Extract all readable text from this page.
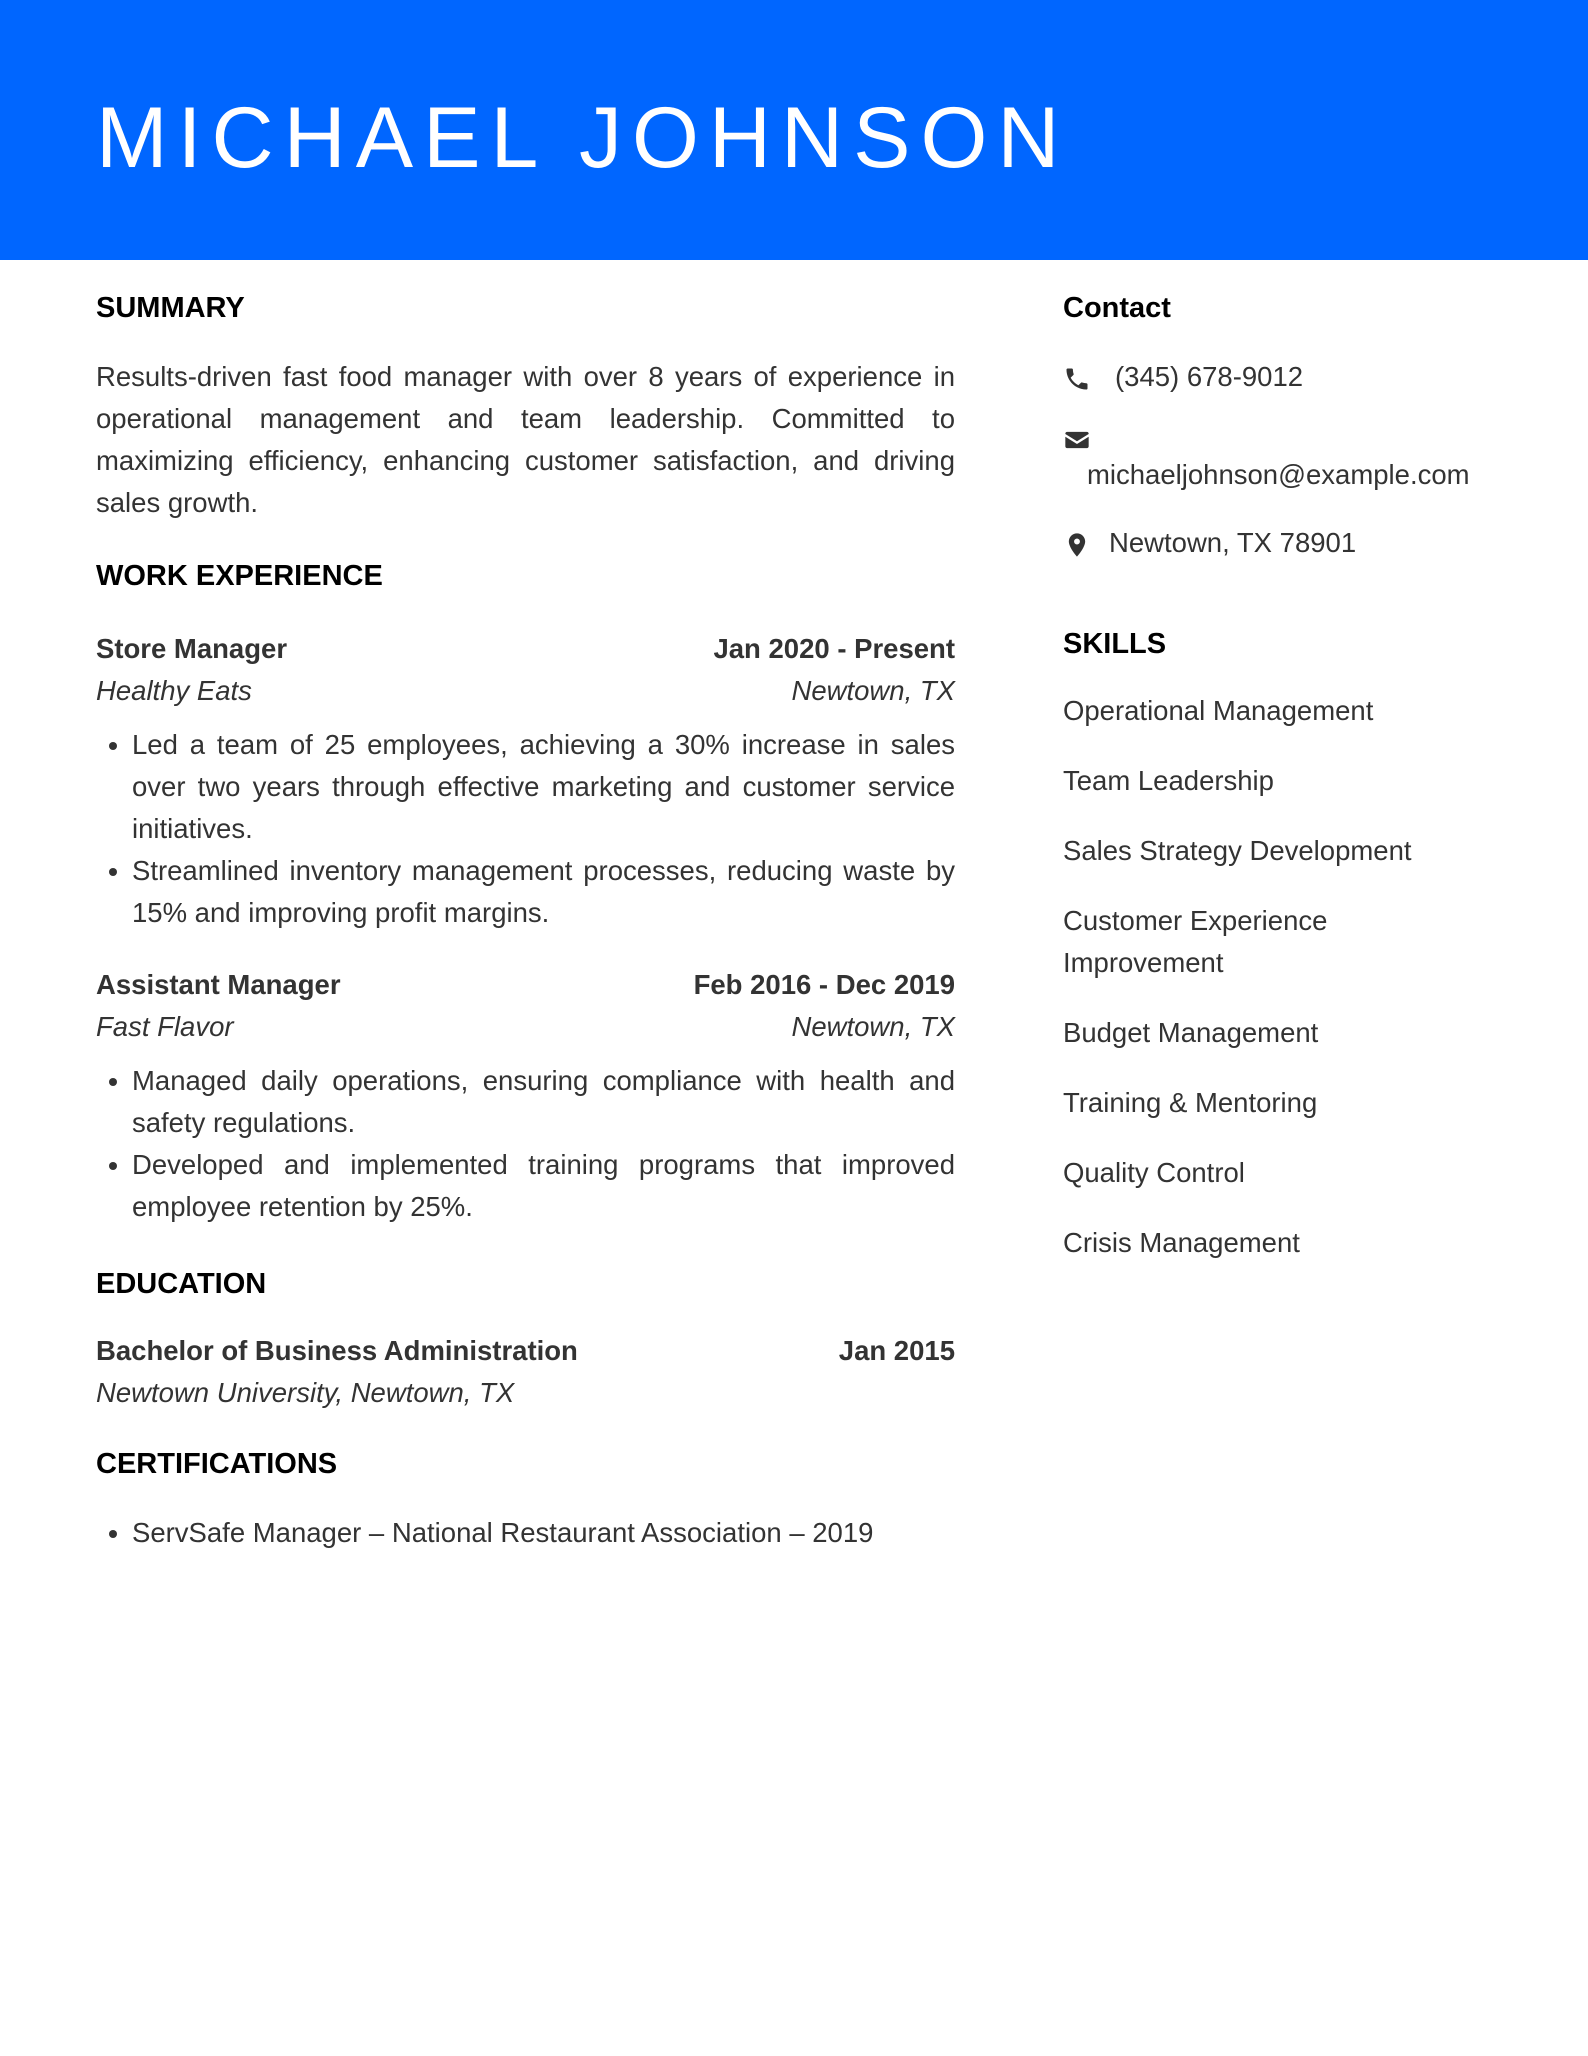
MICHAEL JOHNSON
SUMMARY

Results-driven fast food manager with over 8 years of experience in operational management and team leadership. Committed to maximizing efficiency, enhancing customer satisfaction, and driving sales growth.

WORK EXPERIENCE
Store Manager	Jan 2020 - Present
Healthy Eats	Newtown, TX
• Led a team of 25 employees, achieving a 30% increase in sales over two years through effective marketing and customer service initiatives.
• Streamlined inventory management processes, reducing waste by 15% and improving profit margins.
Assistant Manager	Feb 2016 - Dec 2019
Fast Flavor	Newtown, TX
• Managed daily operations, ensuring compliance with health and safety regulations.
• Developed and implemented training programs that improved employee retention by 25%.
EDUCATION
Bachelor of Business Administration	Jan 2015
Newtown University, Newtown, TX
CERTIFICATIONS
• ServSafe Manager – National Restaurant Association – 2019
Contact
(345) 678-9012
michaeljohnson@example.com
Newtown, TX 78901
SKILLS

Operational Management

Team Leadership

Sales Strategy Development

Customer Experience Improvement

Budget Management

Training & Mentoring

Quality Control

Crisis Management
